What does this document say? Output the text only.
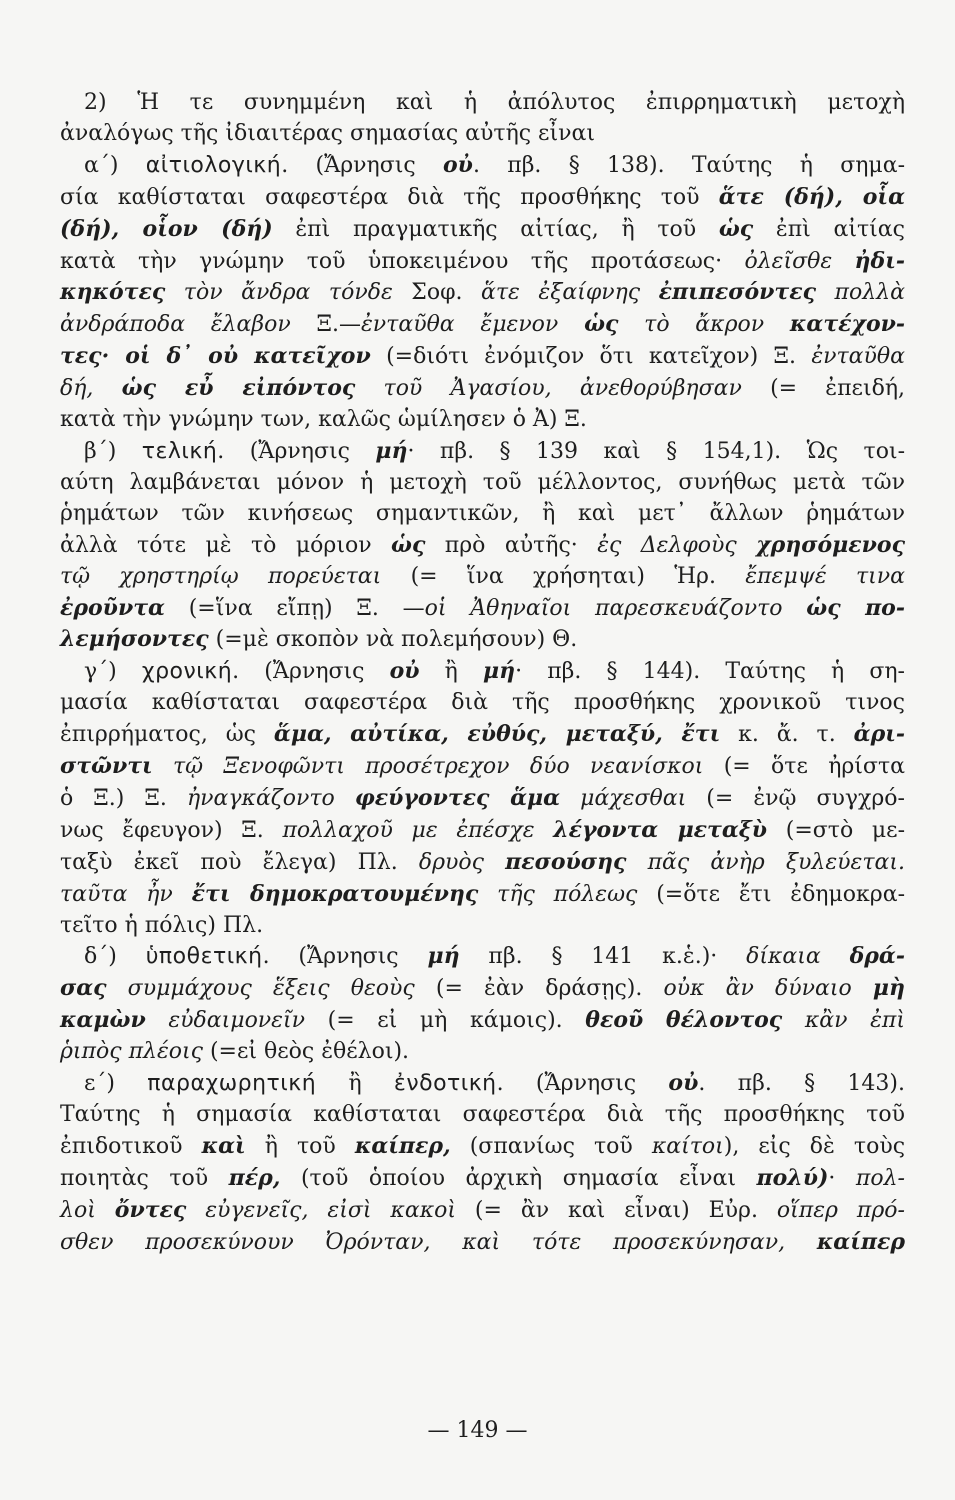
2) Ἡ τε συνημμένη καὶ ἡ ἀπόλυτος ἐπιρρηματικὴ μετοχὴ
ἀναλόγως τῆς ἰδιαιτέρας σημασίας αὐτῆς εἶναι
α΄) αἰτιολογική. (Ἄρνησις οὐ. πβ. § 138). Ταύτης ἡ σημα-
σία καθίσταται σαφεστέρα διὰ τῆς προσθήκης τοῦ ἅτε (δή), οἷα
(δή), οἷον (δή) ἐπὶ πραγματικῆς αἰτίας, ἢ τοῦ ὡς ἐπὶ αἰτίας
κατὰ τὴν γνώμην τοῦ ὑποκειμένου τῆς προτάσεως· ὀλεῖσθε ἠδι-
κηκότες τὸν ἄνδρα τόνδε Σοφ. ἅτε ἐξαίφνης ἐπιπεσόντες πολλὰ
ἀνδράποδα ἔλαβον Ξ.—ἐνταῦθα ἔμενον ὡς τὸ ἄκρον κατέχον-
τες· οἱ δ᾽ οὐ κατεῖχον (=διότι ἐνόμιζον ὅτι κατεῖχον) Ξ. ἐνταῦθα
δή, ὡς εὖ εἰπόντος τοῦ Ἀγασίου, ἀνεθορύβησαν (= ἐπειδή,
κατὰ τὴν γνώμην των, καλῶς ὡμίλησεν ὁ Ἀ) Ξ.
β΄) τελική. (Ἄρνησις μή· πβ. § 139 καὶ § 154,1). Ὡς τοι-
αύτη λαμβάνεται μόνον ἡ μετοχὴ τοῦ μέλλοντος, συνήθως μετὰ τῶν
ῥημάτων τῶν κινήσεως σημαντικῶν, ἢ καὶ μετ᾽ ἄλλων ῥημάτων
ἀλλὰ τότε μὲ τὸ μόριον ὡς πρὸ αὐτῆς· ἐς Δελφοὺς χρησόμενος
τῷ χρηστηρίῳ πορεύεται (= ἵνα χρήσηται) Ἡρ. ἔπεμψέ τινα
ἐροῦντα (=ἵνα εἴπῃ) Ξ. —οἱ Ἀθηναῖοι παρεσκευάζοντο ὡς πο-
λεμήσοντες (=μὲ σκοπὸν νὰ πολεμήσουν) Θ.
γ΄) χρονική. (Ἄρνησις οὐ ἢ μή· πβ. § 144). Ταύτης ἡ ση-
μασία καθίσταται σαφεστέρα διὰ τῆς προσθήκης χρονικοῦ τινος
ἐπιρρήματος, ὡς ἅμα, αὐτίκα, εὐθύς, μεταξύ, ἔτι κ. ἄ. τ. ἀρι-
στῶντι τῷ Ξενοφῶντι προσέτρεχον δύο νεανίσκοι (= ὅτε ἠρίστα
ὁ Ξ.) Ξ. ἠναγκάζοντο φεύγοντες ἅμα μάχεσθαι (= ἐνῷ συγχρό-
νως ἔφευγον) Ξ. πολλαχοῦ με ἐπέσχε λέγοντα μεταξὺ (=στὸ με-
ταξὺ ἐκεῖ ποὺ ἔλεγα) Πλ. δρυὸς πεσούσης πᾶς ἀνὴρ ξυλεύεται.
ταῦτα ἦν ἔτι δημοκρατουμένης τῆς πόλεως (=ὅτε ἔτι ἐδημοκρα-
τεῖτο ἡ πόλις) Πλ.
δ΄) ὑποθετική. (Ἄρνησις μή πβ. § 141 κ.ἑ.)· δίκαια δρά-
σας συμμάχους ἕξεις θεοὺς (= ἐὰν δράσῃς). οὐκ ἂν δύναιο μὴ
καμὼν εὐδαιμονεῖν (= εἰ μὴ κάμοις). θεοῦ θέλοντος κἂν ἐπὶ
ῥιπὸς πλέοις (=εἰ θεὸς ἐθέλοι).
ε΄) παραχωρητική ἢ ἐνδοτική. (Ἄρνησις οὐ. πβ. § 143).
Ταύτης ἡ σημασία καθίσταται σαφεστέρα διὰ τῆς προσθήκης τοῦ
ἐπιδοτικοῦ καὶ ἢ τοῦ καίπερ, (σπανίως τοῦ καίτοι), εἰς δὲ τοὺς
ποιητὰς τοῦ πέρ, (τοῦ ὁποίου ἀρχικὴ σημασία εἶναι πολύ)· πολ-
λοὶ ὄντες εὐγενεῖς, εἰσὶ κακοὶ (= ἂν καὶ εἶναι) Εὐρ. οἵπερ πρό-
σθεν προσεκύνουν Ὀρόνταν, καὶ τότε προσεκύνησαν, καίπερ
— 149 —
